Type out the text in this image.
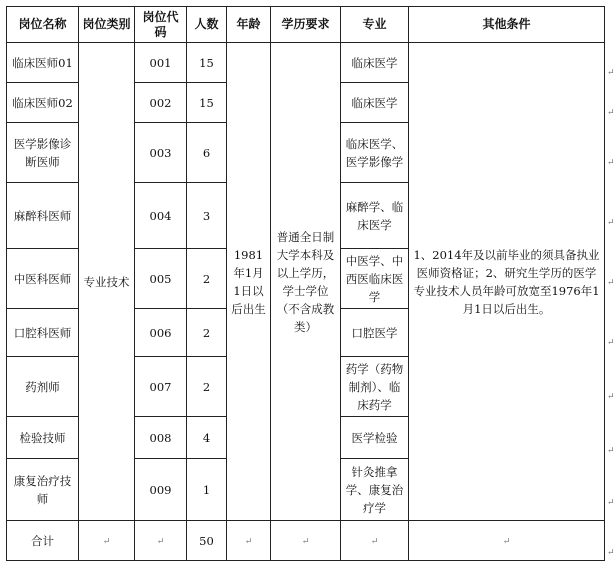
岗位名称	岗位类别	岗位代码	人数	年龄	学历要求	专业	其他条件
临床医师01	专业技术	001	15	1981年1月1日以后出生	普通全日制大学本科及以上学历，学士学位（不含成教类）	临床医学	1、2014年及以前毕业的须具备执业医师资格证；2、研究生学历的医学专业技术人员年龄可放宽至1976年1月1日以后出生。
临床医师02		002	15			临床医学	
医学影像诊断医师		003	6			临床医学、医学影像学	
麻醉科医师		004	3			麻醉学、临床医学	
中医科医师		005	2			中医学、中西医临床医学	
口腔科医师		006	2			口腔医学	
药剂师		007	2			药学（药物制剂）、临床药学	
检验技师		008	4			医学检验	
康复治疗技师		009	1			针灸推拿学、康复治疗学	
合计	↵	↵	50	↵	↵	↵	↵
↵
↵
↵
↵
↵
↵
↵
↵
↵
↵
